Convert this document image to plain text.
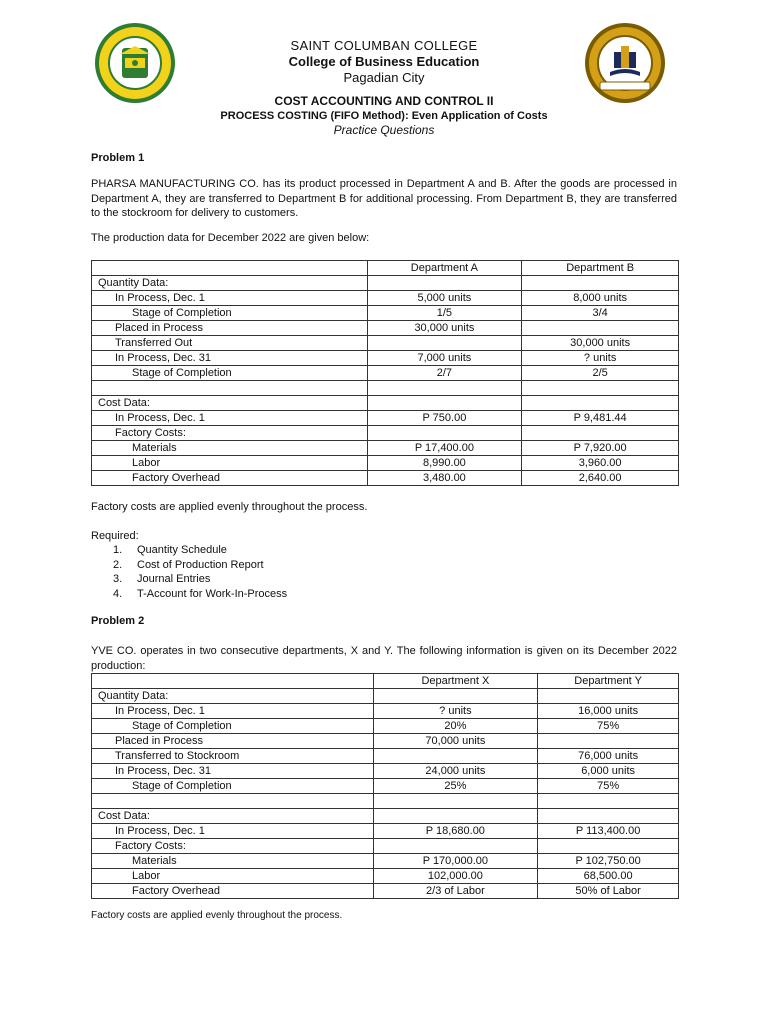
SAINT COLUMBAN COLLEGE
College of Business Education
Pagadian City
COST ACCOUNTING AND CONTROL II
PROCESS COSTING (FIFO Method): Even Application of Costs
Practice Questions
Problem 1
PHARSA MANUFACTURING CO. has its product processed in Department A and B. After the goods are processed in Department A, they are transferred to Department B for additional processing. From Department B, they are transferred to the stockroom for delivery to customers.
The production data for December 2022 are given below:
	Department A	Department B
Quantity Data:		
In Process, Dec. 1	5,000 units	8,000 units
Stage of Completion	1/5	3/4
Placed in Process	30,000 units	
Transferred Out		30,000 units
In Process, Dec. 31	7,000 units	? units
Stage of Completion	2/7	2/5

Cost Data:		
In Process, Dec. 1	P 750.00	P 9,481.44
Factory Costs:		
Materials	P 17,400.00	P 7,920.00
Labor	8,990.00	3,960.00
Factory Overhead	3,480.00	2,640.00
Factory costs are applied evenly throughout the process.
Required:
1.	Quantity Schedule
2.	Cost of Production Report
3.	Journal Entries
4.	T-Account for Work-In-Process
Problem 2
YVE CO. operates in two consecutive departments, X and Y. The following information is given on its December 2022 production:
	Department X	Department Y
Quantity Data:		
In Process, Dec. 1	? units	16,000 units
Stage of Completion	20%	75%
Placed in Process	70,000 units	
Transferred to Stockroom		76,000 units
In Process, Dec. 31	24,000 units	6,000 units
Stage of Completion	25%	75%

Cost Data:		
In Process, Dec. 1	P 18,680.00	P 113,400.00
Factory Costs:		
Materials	P 170,000.00	P 102,750.00
Labor	102,000.00	68,500.00
Factory Overhead	2/3 of Labor	50% of Labor
Factory costs are applied evenly throughout the process.
